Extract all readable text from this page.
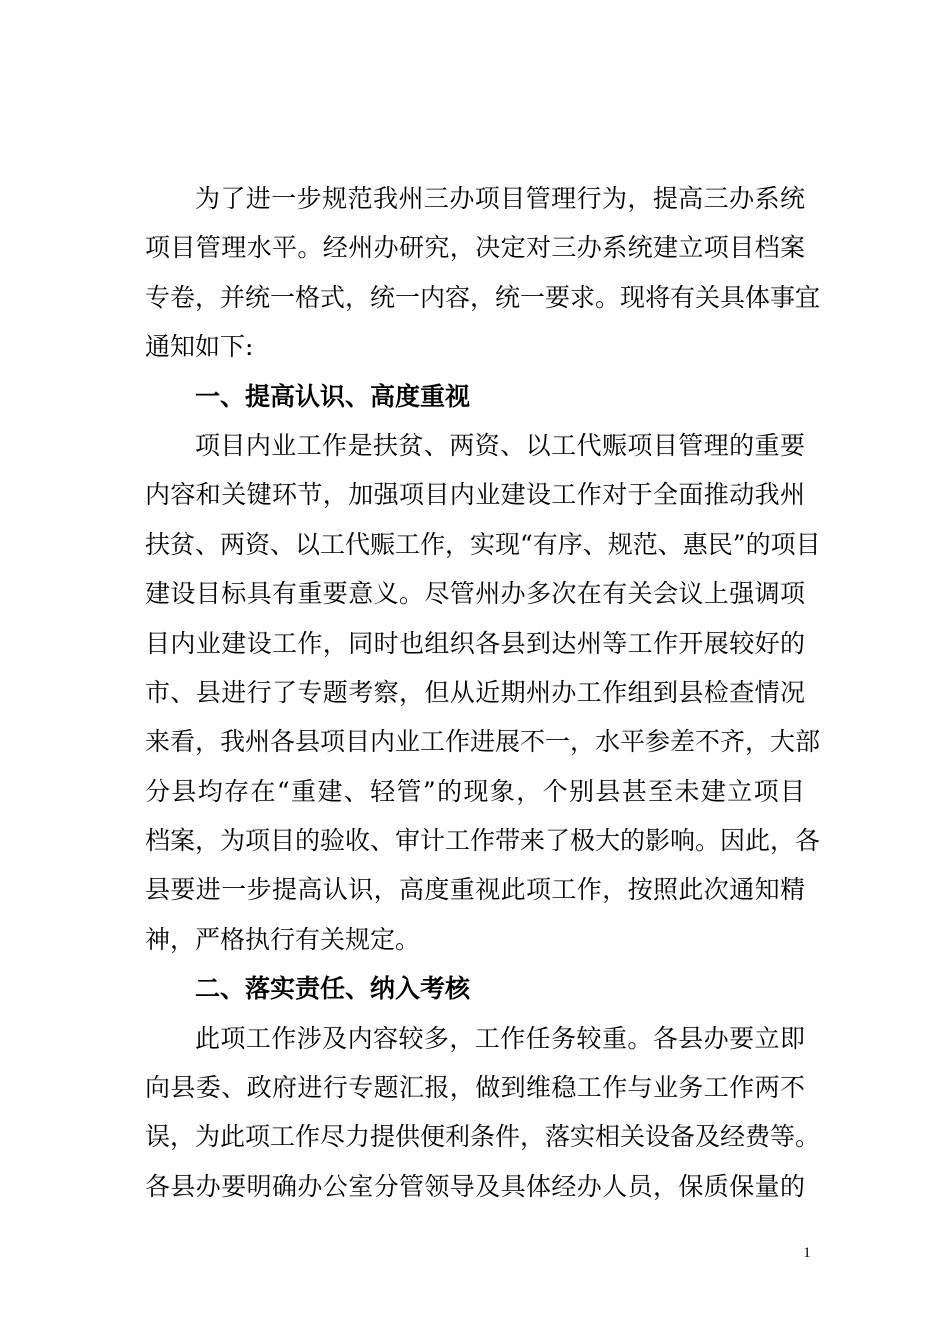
为了进一步规范我州三办项目管理行为，提高三办系统
项目管理水平。经州办研究，决定对三办系统建立项目档案
专卷，并统一格式，统一内容，统一要求。现将有关具体事宜
通知如下:
一、提高认识、高度重视
项目内业工作是扶贫、两资、以工代赈项目管理的重要
内容和关键环节，加强项目内业建设工作对于全面推动我州
扶贫、两资、以工代赈工作，实现“有序、规范、惠民”的项目
建设目标具有重要意义。尽管州办多次在有关会议上强调项
目内业建设工作，同时也组织各县到达州等工作开展较好的
市、县进行了专题考察，但从近期州办工作组到县检查情况
来看，我州各县项目内业工作进展不一，水平参差不齐，大部
分县均存在“重建、轻管”的现象，个别县甚至未建立项目
档案，为项目的验收、审计工作带来了极大的影响。因此，各
县要进一步提高认识，高度重视此项工作，按照此次通知精
神，严格执行有关规定。
二、落实责任、纳入考核
此项工作涉及内容较多，工作任务较重。各县办要立即
向县委、政府进行专题汇报，做到维稳工作与业务工作两不
误，为此项工作尽力提供便利条件，落实相关设备及经费等。
各县办要明确办公室分管领导及具体经办人员，保质保量的
1
